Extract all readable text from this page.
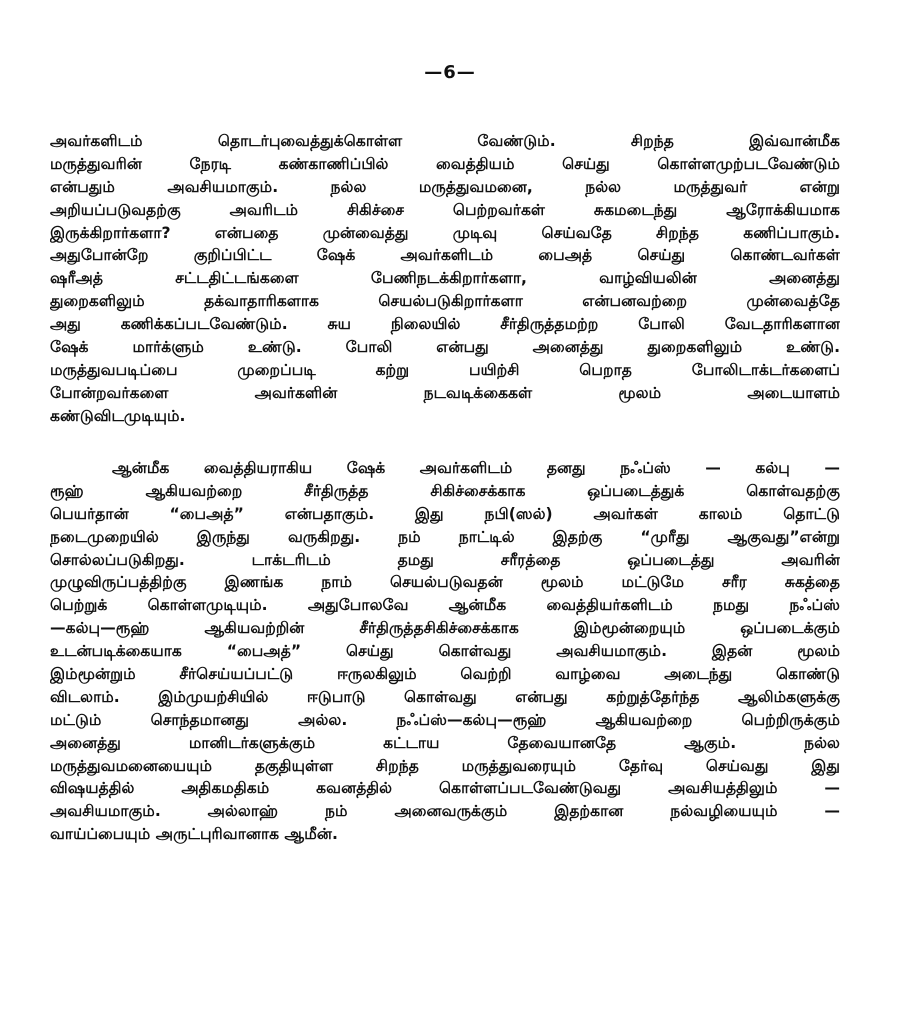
—6—
அவர்களிடம் தொடர்புவைத்துக்கொள்ள வேண்டும். சிறந்த இவ்வான்மீக
மருத்துவரின் நேரடி கண்காணிப்பில் வைத்தியம் செய்து கொள்ளமுற்படவேண்டும்
என்பதும் அவசியமாகும். நல்ல மருத்துவமனை, நல்ல மருத்துவர் என்று
அறியப்படுவதற்கு அவரிடம் சிகிச்சை பெற்றவர்கள் சுகமடைந்து ஆரோக்கியமாக
இருக்கிறார்களா? என்பதை முன்வைத்து முடிவு செய்வதே சிறந்த கணிப்பாகும்.
அதுபோன்றே குறிப்பிட்ட ஷேக் அவர்களிடம் பைஅத் செய்து கொண்டவர்கள்
ஷரீஅத் சட்டதிட்டங்களை பேணிநடக்கிறார்களா, வாழ்வியலின் அனைத்து
துறைகளிலும் தக்வாதாரிகளாக செயல்படுகிறார்களா என்பனவற்றை முன்வைத்தே
அது கணிக்கப்படவேண்டும். சுய நிலையில் சீர்திருத்தமற்ற போலி வேடதாரிகளான
ஷேக் மார்க்ளும் உண்டு. போலி என்பது அனைத்து துறைகளிலும் உண்டு.
மருத்துவபடிப்பை முறைப்படி கற்று பயிற்சி பெறாத போலிடாக்டர்களைப்
போன்றவர்களை அவர்களின் நடவடிக்கைகள் மூலம் அடையாளம்
கண்டுவிடமுடியும்.
ஆன்மீக வைத்தியராகிய ஷேக் அவர்களிடம் தனது நஃப்ஸ் — கல்பு —
ரூஹ் ஆகியவற்றை சீர்திருத்த சிகிச்சைக்காக ஒப்படைத்துக் கொள்வதற்கு
பெயர்தான் “பைஅத்” என்பதாகும். இது நபி(ஸல்) அவர்கள் காலம் தொட்டு
நடைமுறையில் இருந்து வருகிறது. நம் நாட்டில் இதற்கு “முரீது ஆகுவது”என்று
சொல்லப்படுகிறது. டாக்டரிடம் தமது சரீரத்தை ஒப்படைத்து அவரின்
முழுவிருப்பத்திற்கு இணங்க நாம் செயல்படுவதன் மூலம் மட்டுமே சரீர சுகத்தை
பெற்றுக் கொள்ளமுடியும். அதுபோலவே ஆன்மீக வைத்தியர்களிடம் நமது நஃப்ஸ்
—கல்பு—ரூஹ் ஆகியவற்றின் சீர்திருத்தசிகிச்சைக்காக இம்மூன்றையும் ஒப்படைக்கும்
உடன்படிக்கையாக “பைஅத்” செய்து கொள்வது அவசியமாகும். இதன் மூலம்
இம்மூன்றும் சீர்செய்யப்பட்டு ஈருலகிலும் வெற்றி வாழ்வை அடைந்து கொண்டு
விடலாம். இம்முயற்சியில் ஈடுபாடு கொள்வது என்பது கற்றுத்தேர்ந்த ஆலிம்களுக்கு
மட்டும் சொந்தமானது அல்ல. நஃப்ஸ்—கல்பு—ரூஹ் ஆகியவற்றை பெற்றிருக்கும்
அனைத்து மானிடர்களுக்கும் கட்டாய தேவையானதே ஆகும். நல்ல
மருத்துவமனையையும் தகுதியுள்ள சிறந்த மருத்துவரையும் தேர்வு செய்வது இது
விஷயத்தில் அதிகமதிகம் கவனத்தில் கொள்ளப்படவேண்டுவது அவசியத்திலும் —
அவசியமாகும். அல்லாஹ் நம் அனைவருக்கும் இதற்கான நல்வழியையும் —
வாய்ப்பையும் அருட்புரிவானாக ஆமீன்.
